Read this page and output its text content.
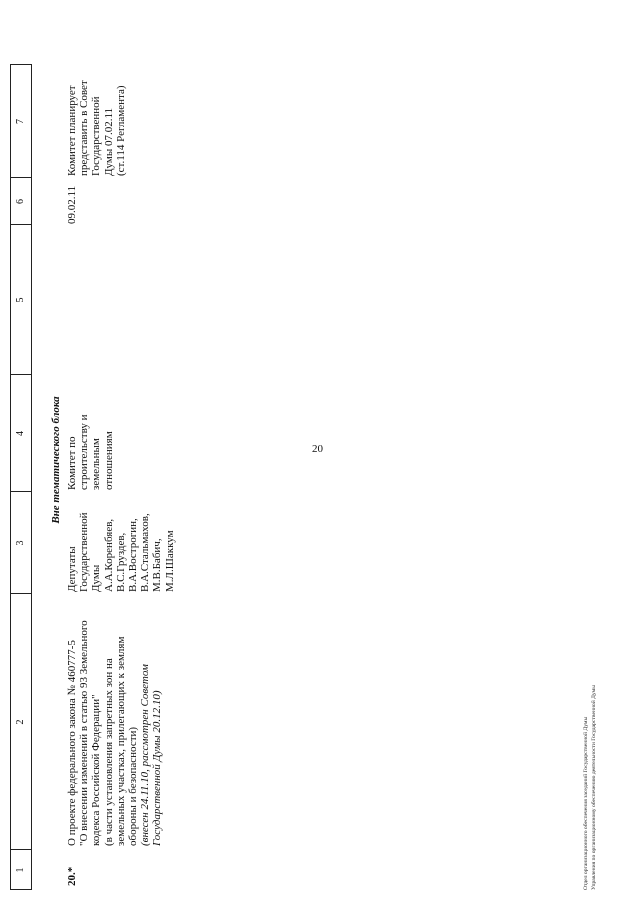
20
1
2
3
4
5
6
7
Вне тематического блока
20.*
О проекте федерального закона № 460777-5 "О внесении изменений в статью 93 Земельного кодекса Российской Федерации" (в части установления запретных зон на земельных участках, прилегающих к землям обороны и безопасности) (внесен 24.11.10, рассмотрен Советом Государственной Думы 20.12.10)
Депутаты Государственной Думы А.А.Коренбяев, В.С.Груздев, В.А.Вострогин, В.А.Стальмахов, М.В.Бабич, М.Л.Шаккум
Комитет по строительству и земельным отношениям
09.02.11
Комитет планирует представить в Совет Государственной Думы 07.02.11 (ст.114 Регламента)
Отдел организационного обеспечения заседаний Государственной Думы Управления по организационному обеспечению деятельности Государственной Думы
